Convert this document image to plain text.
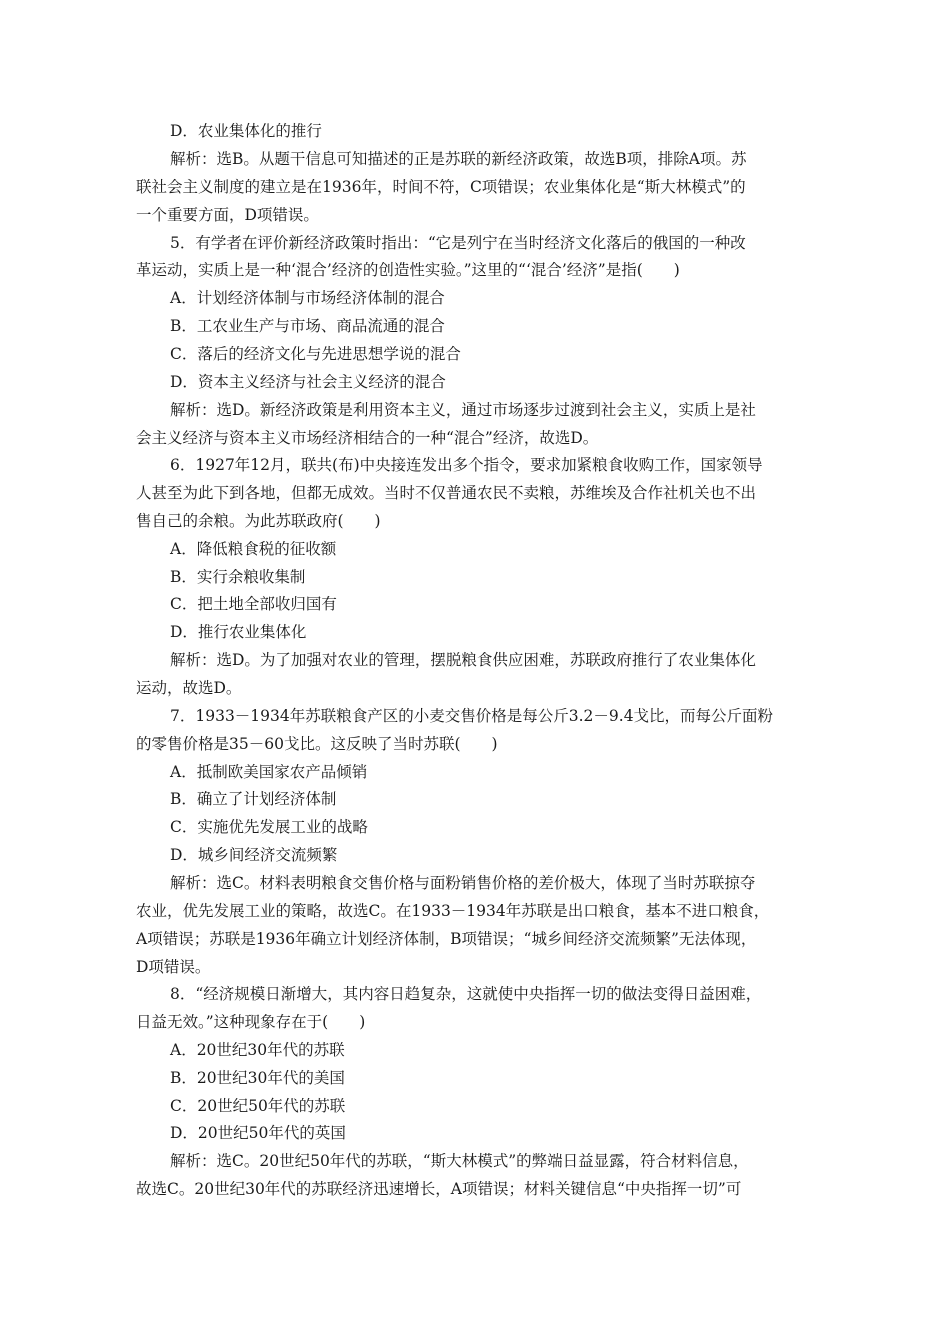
D．农业集体化的推行
解析：选B。从题干信息可知描述的正是苏联的新经济政策，故选B项，排除A项。苏
联社会主义制度的建立是在1936年，时间不符，C项错误；农业集体化是“斯大林模式”的
一个重要方面，D项错误。
5．有学者在评价新经济政策时指出：“它是列宁在当时经济文化落后的俄国的一种改
革运动，实质上是一种‘混合’经济的创造性实验。”这里的“‘混合’经济”是指(　　)
A．计划经济体制与市场经济体制的混合
B．工农业生产与市场、商品流通的混合
C．落后的经济文化与先进思想学说的混合
D．资本主义经济与社会主义经济的混合
解析：选D。新经济政策是利用资本主义，通过市场逐步过渡到社会主义，实质上是社
会主义经济与资本主义市场经济相结合的一种“混合”经济，故选D。
6．1927年12月，联共(布)中央接连发出多个指令，要求加紧粮食收购工作，国家领导
人甚至为此下到各地，但都无成效。当时不仅普通农民不卖粮，苏维埃及合作社机关也不出
售自己的余粮。为此苏联政府(　　)
A．降低粮食税的征收额
B．实行余粮收集制
C．把土地全部收归国有
D．推行农业集体化
解析：选D。为了加强对农业的管理，摆脱粮食供应困难，苏联政府推行了农业集体化
运动，故选D。
7．1933－1934年苏联粮食产区的小麦交售价格是每公斤3.2－9.4戈比，而每公斤面粉
的零售价格是35－60戈比。这反映了当时苏联(　　)
A．抵制欧美国家农产品倾销
B．确立了计划经济体制
C．实施优先发展工业的战略
D．城乡间经济交流频繁
解析：选C。材料表明粮食交售价格与面粉销售价格的差价极大，体现了当时苏联掠夺
农业，优先发展工业的策略，故选C。在1933－1934年苏联是出口粮食，基本不进口粮食，
A项错误；苏联是1936年确立计划经济体制，B项错误；“城乡间经济交流频繁”无法体现，
D项错误。
8．“经济规模日渐增大，其内容日趋复杂，这就使中央指挥一切的做法变得日益困难，
日益无效。”这种现象存在于(　　)
A．20世纪30年代的苏联
B．20世纪30年代的美国
C．20世纪50年代的苏联
D．20世纪50年代的英国
解析：选C。20世纪50年代的苏联，“斯大林模式”的弊端日益显露，符合材料信息，
故选C。20世纪30年代的苏联经济迅速增长，A项错误；材料关键信息“中央指挥一切”可
